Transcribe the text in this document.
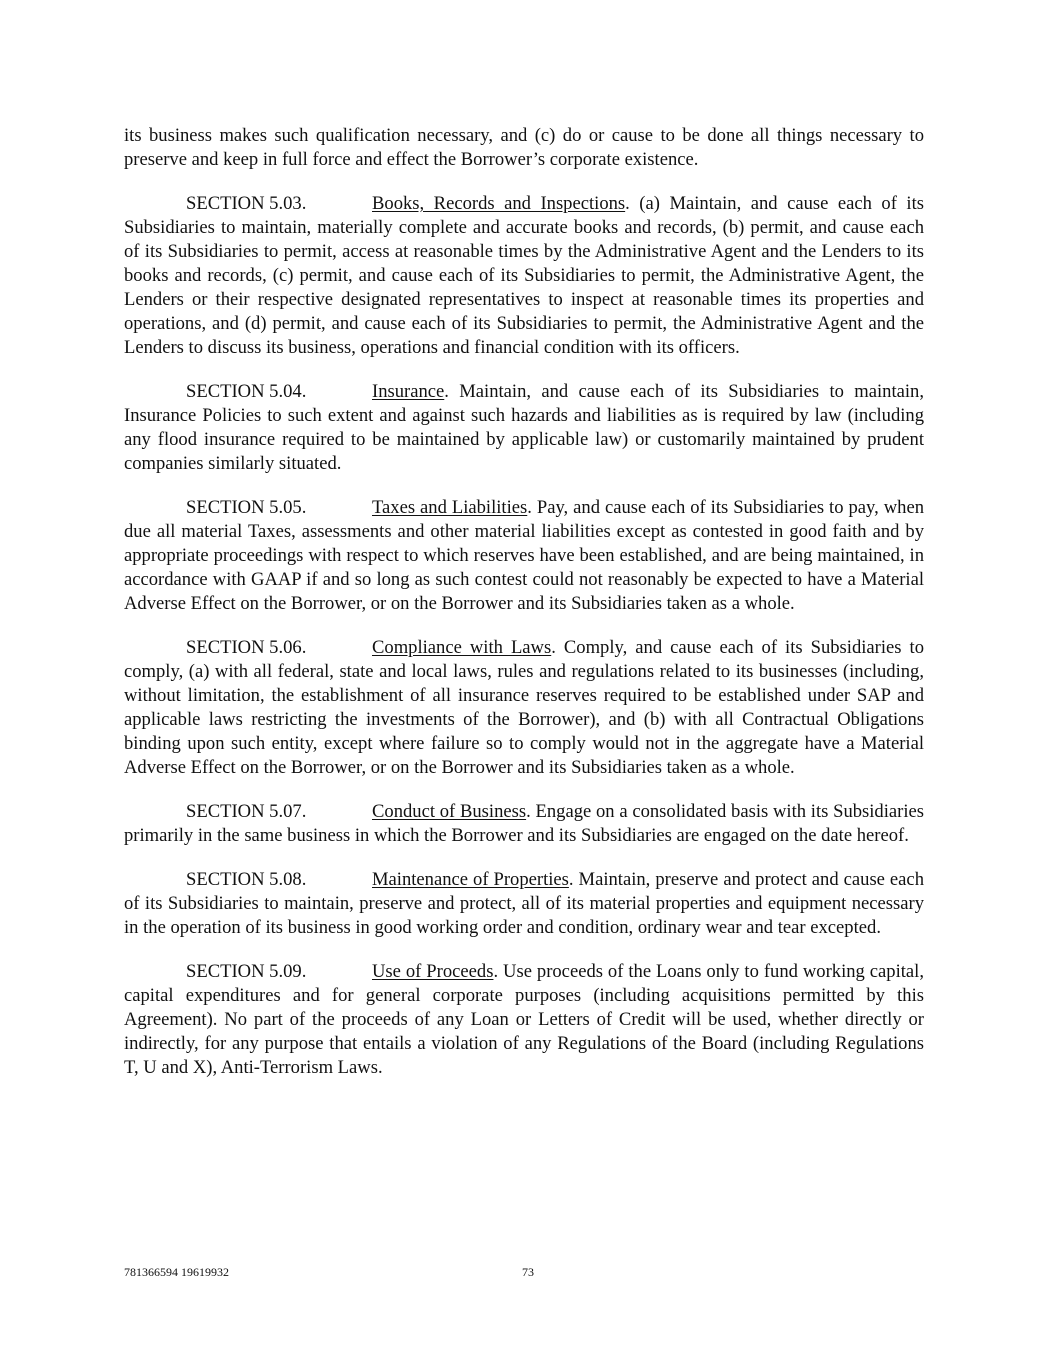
its business makes such qualification necessary, and (c) do or cause to be done all things necessary to preserve and keep in full force and effect the Borrower’s corporate existence.

SECTION 5.03.	Books, Records and Inspections. (a) Maintain, and cause each of its Subsidiaries to maintain, materially complete and accurate books and records, (b) permit, and cause each of its Subsidiaries to permit, access at reasonable times by the Administrative Agent and the Lenders to its books and records, (c) permit, and cause each of its Subsidiaries to permit, the Administrative Agent, the Lenders or their respective designated representatives to inspect at reasonable times its properties and operations, and (d) permit, and cause each of its Subsidiaries to permit, the Administrative Agent and the Lenders to discuss its business, operations and financial condition with its officers.

SECTION 5.04.	Insurance. Maintain, and cause each of its Subsidiaries to maintain, Insurance Policies to such extent and against such hazards and liabilities as is required by law (including any flood insurance required to be maintained by applicable law) or customarily maintained by prudent companies similarly situated.

SECTION 5.05.	Taxes and Liabilities. Pay, and cause each of its Subsidiaries to pay, when due all material Taxes, assessments and other material liabilities except as contested in good faith and by appropriate proceedings with respect to which reserves have been established, and are being maintained, in accordance with GAAP if and so long as such contest could not reasonably be expected to have a Material Adverse Effect on the Borrower, or on the Borrower and its Subsidiaries taken as a whole.

SECTION 5.06.	Compliance with Laws. Comply, and cause each of its Subsidiaries to comply, (a) with all federal, state and local laws, rules and regulations related to its businesses (including, without limitation, the establishment of all insurance reserves required to be established under SAP and applicable laws restricting the investments of the Borrower), and (b) with all Contractual Obligations binding upon such entity, except where failure so to comply would not in the aggregate have a Material Adverse Effect on the Borrower, or on the Borrower and its Subsidiaries taken as a whole.

SECTION 5.07.	Conduct of Business. Engage on a consolidated basis with its Subsidiaries primarily in the same business in which the Borrower and its Subsidiaries are engaged on the date hereof.

SECTION 5.08.	Maintenance of Properties. Maintain, preserve and protect and cause each of its Subsidiaries to maintain, preserve and protect, all of its material properties and equipment necessary in the operation of its business in good working order and condition, ordinary wear and tear excepted.

SECTION 5.09.	Use of Proceeds. Use proceeds of the Loans only to fund working capital, capital expenditures and for general corporate purposes (including acquisitions permitted by this Agreement). No part of the proceeds of any Loan or Letters of Credit will be used, whether directly or indirectly, for any purpose that entails a violation of any Regulations of the Board (including Regulations T, U and X), Anti-Terrorism Laws.

781366594 19619932	73
